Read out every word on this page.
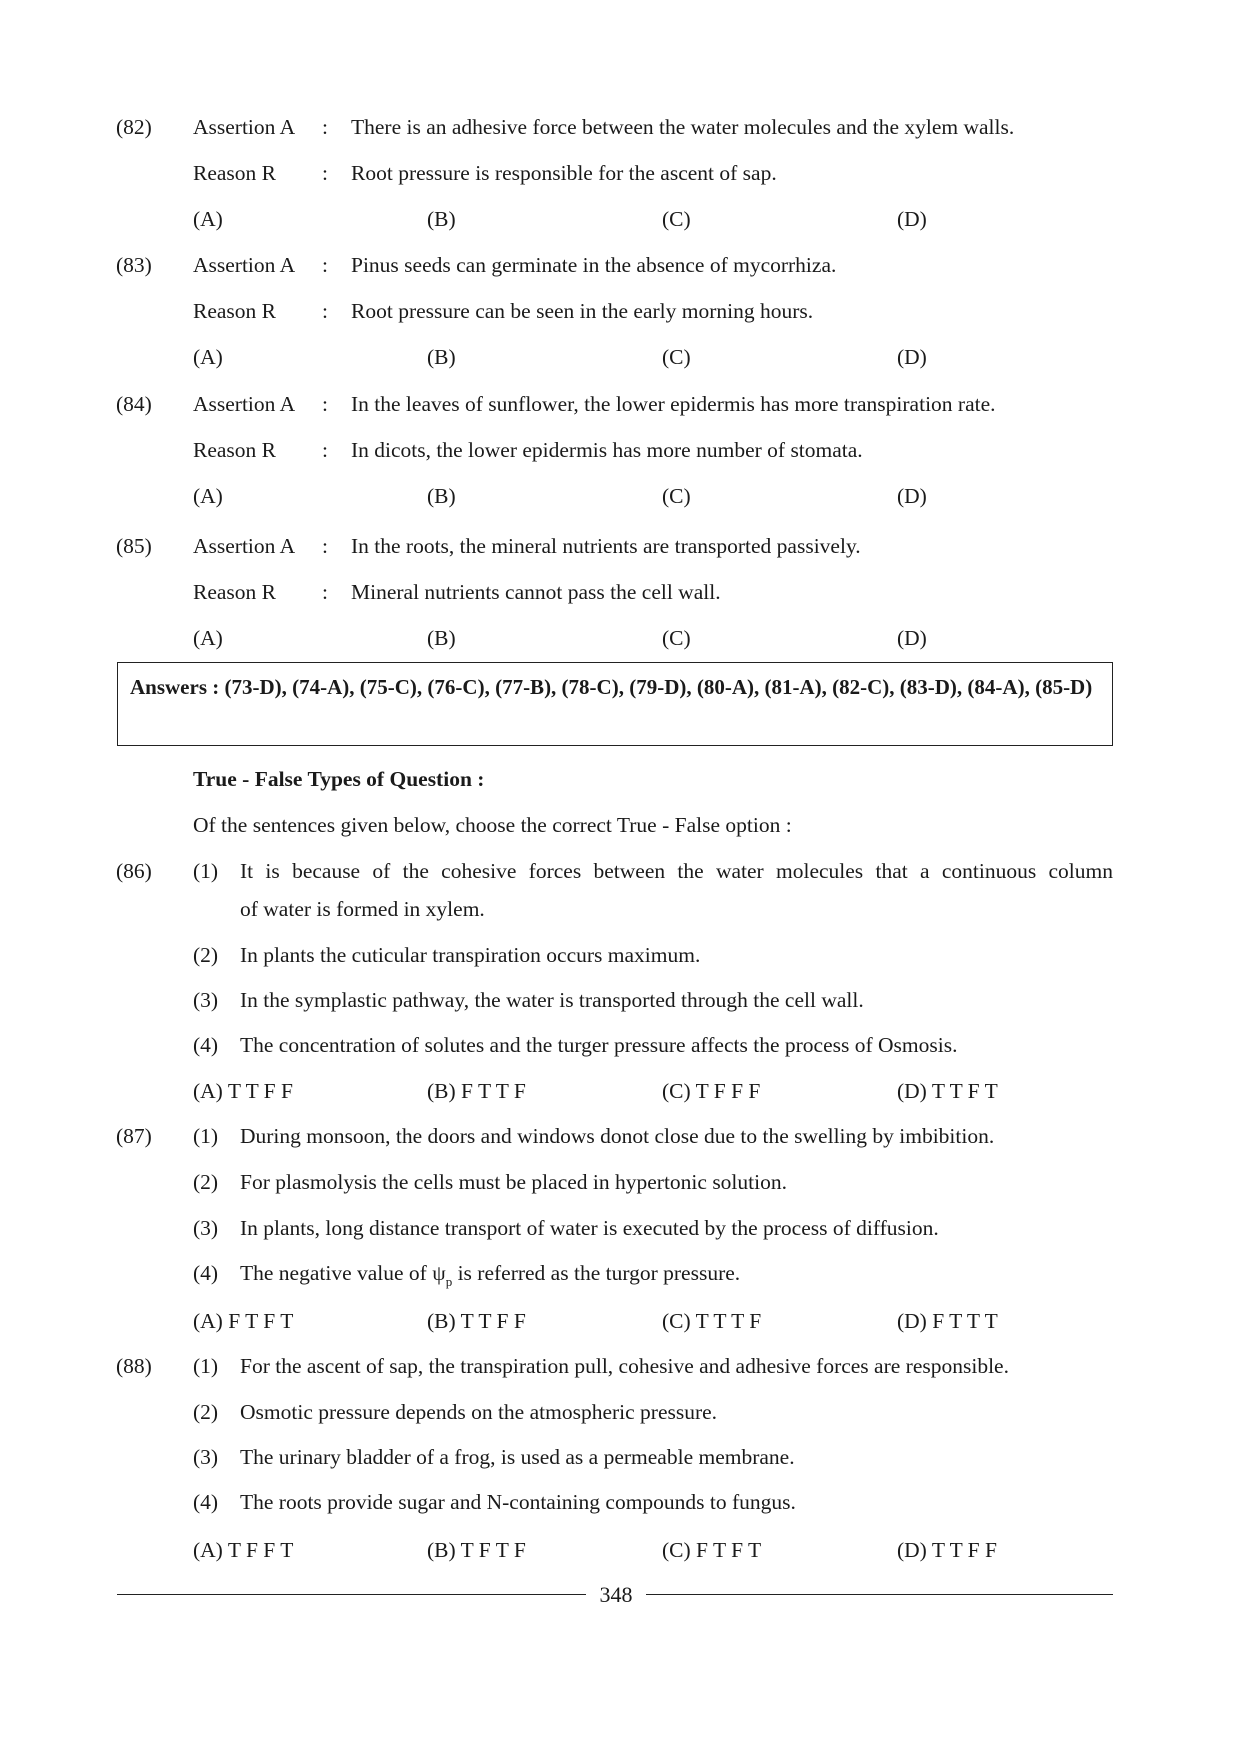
(82) Assertion A : There is an adhesive force between the water molecules and the xylem walls.
Reason R : Root pressure is responsible for the ascent of sap.
(A)	(B)	(C)	(D)
(83) Assertion A : Pinus seeds can germinate in the absence of mycorrhiza.
Reason R : Root pressure can be seen in the early morning hours.
(A)	(B)	(C)	(D)
(84) Assertion A : In the leaves of sunflower, the lower epidermis has more transpiration rate.
Reason R : In dicots, the lower epidermis has more number of stomata.
(A)	(B)	(C)	(D)
(85) Assertion A : In the roots, the mineral nutrients are transported passively.
Reason R : Mineral nutrients cannot pass the cell wall.
(A)	(B)	(C)	(D)
Answers : (73-D), (74-A), (75-C), (76-C), (77-B), (78-C), (79-D), (80-A), (81-A), (82-C), (83-D), (84-A), (85-D)
True - False Types of Question :
Of the sentences given below, choose the correct True - False option :
(86) (1) It is because of the cohesive forces between the water molecules that a continuous column
of water is formed in xylem.
(2) In plants the cuticular transpiration occurs maximum.
(3) In the symplastic pathway, the water is transported through the cell wall.
(4) The concentration of solutes and the turger pressure affects the process of Osmosis.
(A) T T F F	(B) F T T F	(C) T F F F	(D) T T F T
(87) (1) During monsoon, the doors and windows donot close due to the swelling by imbibition.
(2) For plasmolysis the cells must be placed in hypertonic solution.
(3) In plants, long distance transport of water is executed by the process of diffusion.
(4) The negative value of $\psi_p$ is referred as the turgor pressure.
(A) F T F T	(B) T T F F	(C) T T T F	(D) F T T T
(88) (1) For the ascent of sap, the transpiration pull, cohesive and adhesive forces are responsible.
(2) Osmotic pressure depends on the atmospheric pressure.
(3) The urinary bladder of a frog, is used as a permeable membrane.
(4) The roots provide sugar and N-containing compounds to fungus.
(A) T F F T	(B) T F T F	(C) F T F T	(D) T T F F
348
